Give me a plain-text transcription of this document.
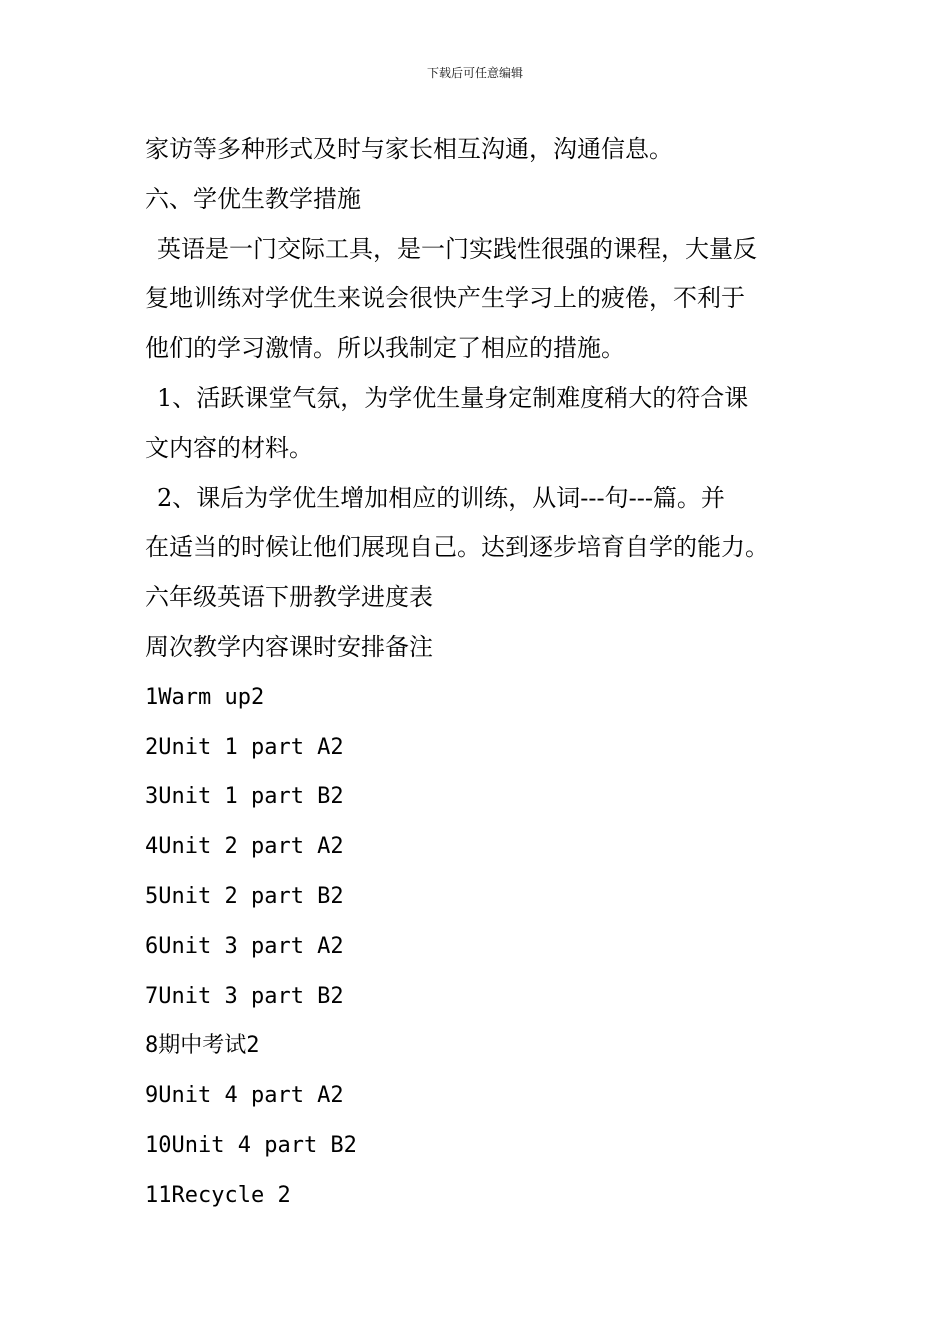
下载后可任意编辑
家访等多种形式及时与家长相互沟通，沟通信息。
六、学优生教学措施
英语是一门交际工具，是一门实践性很强的课程，大量反
复地训练对学优生来说会很快产生学习上的疲倦，不利于
他们的学习激情。所以我制定了相应的措施。
1、活跃课堂气氛，为学优生量身定制难度稍大的符合课
文内容的材料。
2、课后为学优生增加相应的训练，从词---句---篇。并
在适当的时候让他们展现自己。达到逐步培育自学的能力。
六年级英语下册教学进度表
周次教学内容课时安排备注
1Warm up2
2Unit 1 part A2
3Unit 1 part B2
4Unit 2 part A2
5Unit 2 part B2
6Unit 3 part A2
7Unit 3 part B2
8期中考试2
9Unit 4 part A2
10Unit 4 part B2
11Recycle 2
